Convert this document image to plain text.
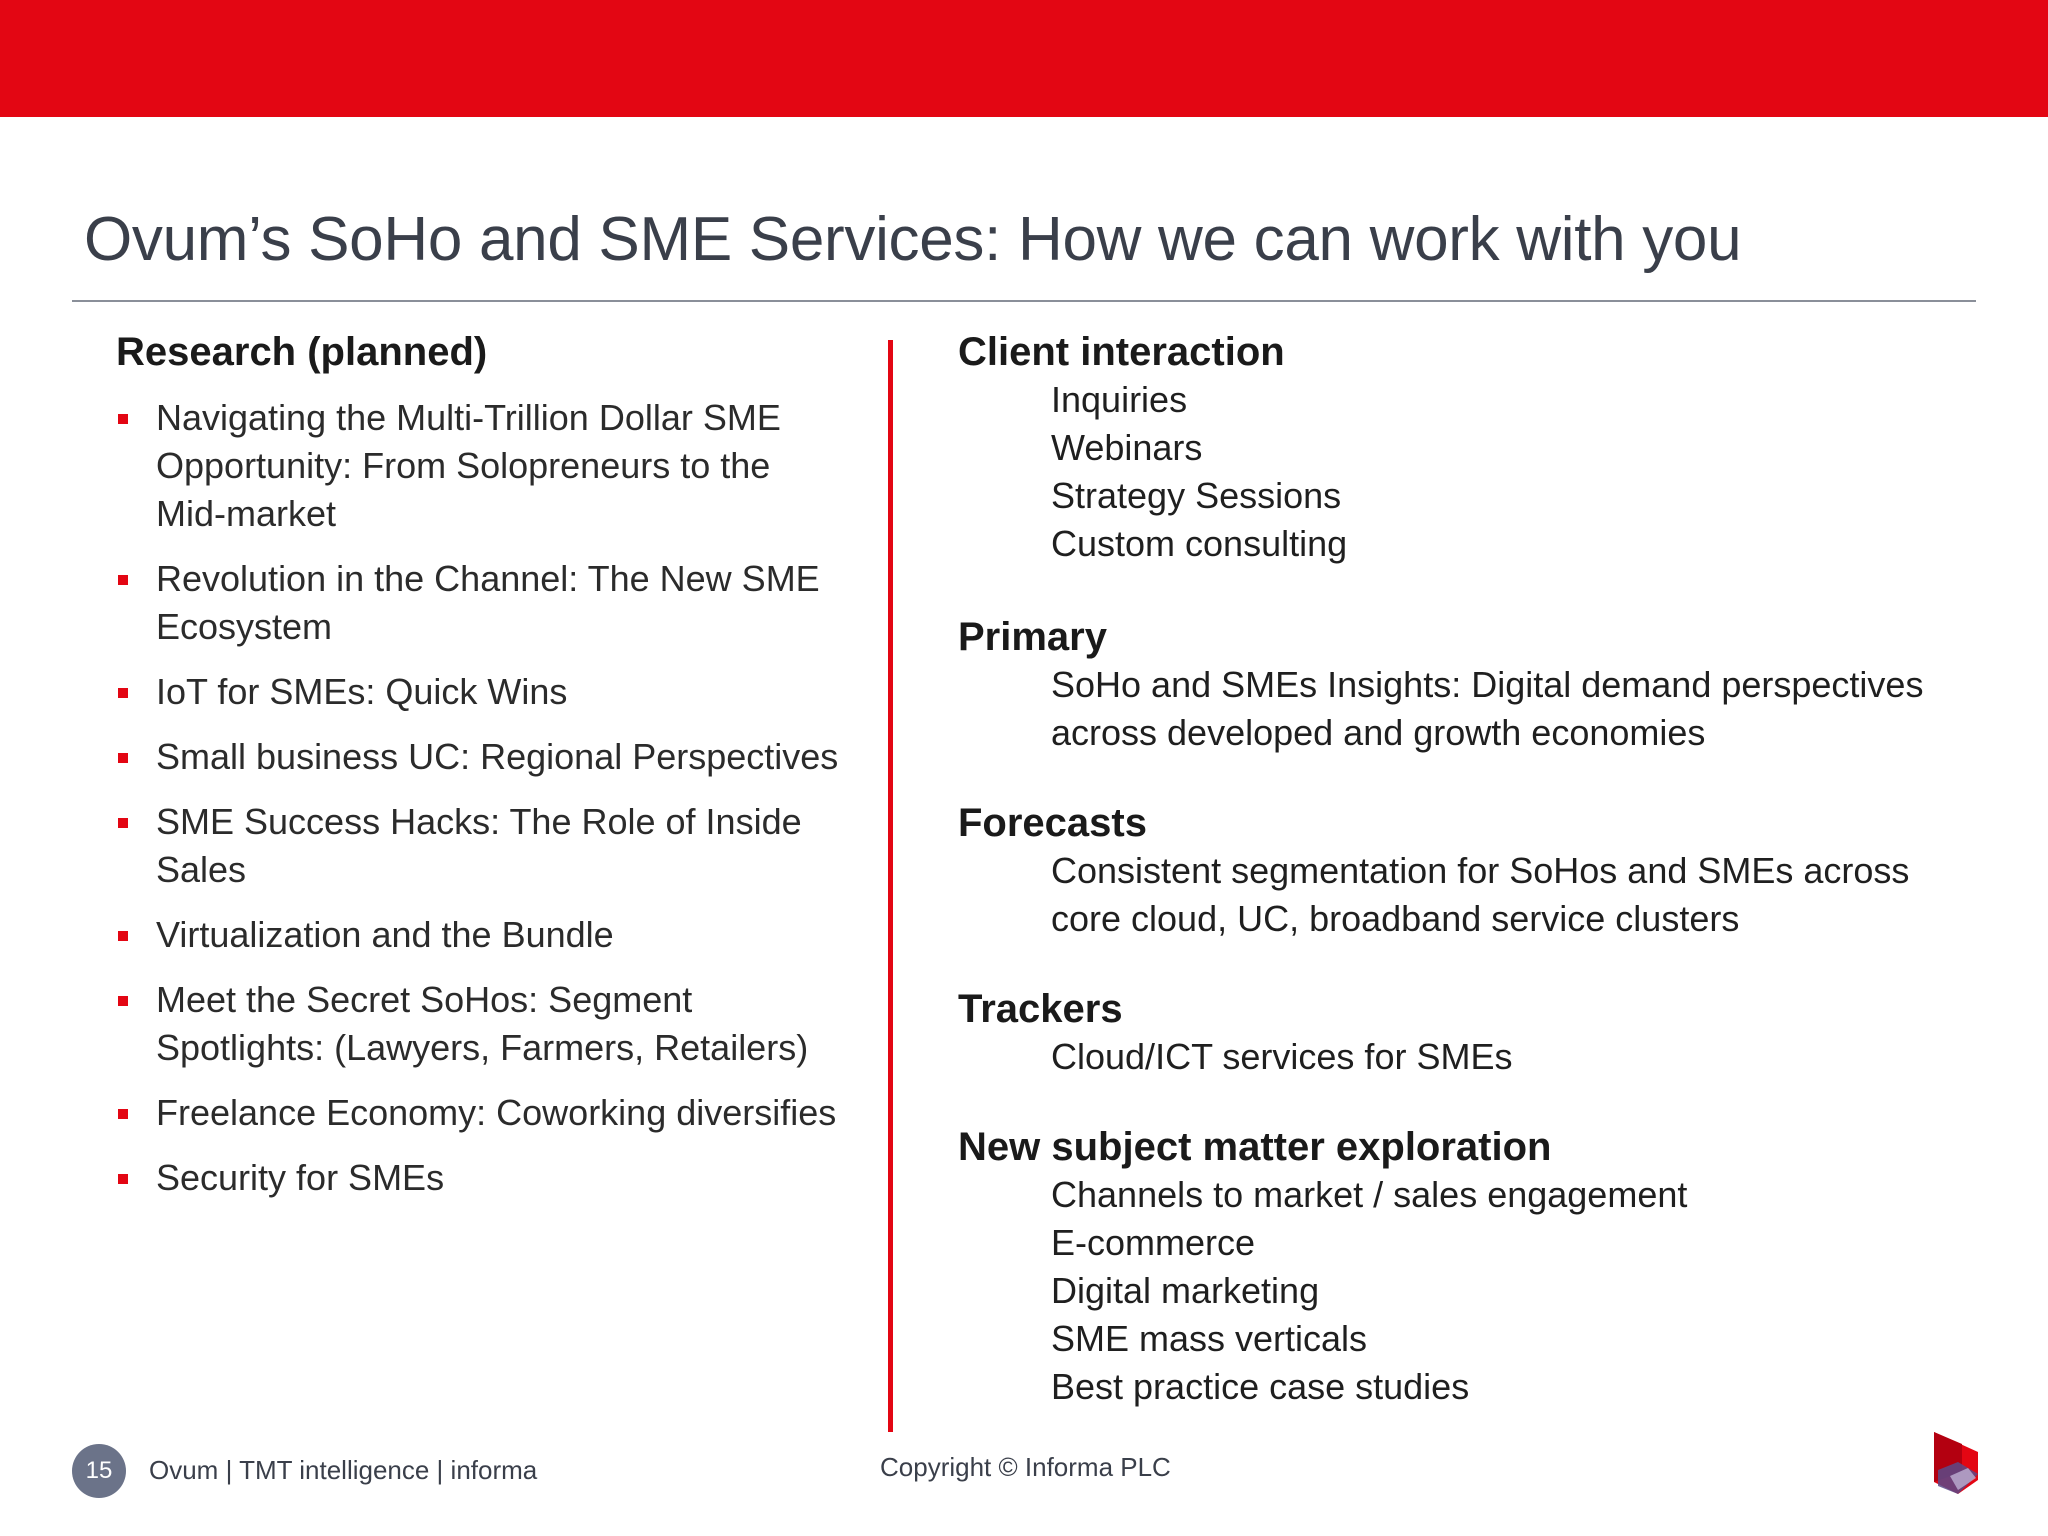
Ovum’s SoHo and SME Services: How we can work with you
Research (planned)
Navigating the Multi-Trillion Dollar SME
Opportunity: From Solopreneurs to the
Mid-market
Revolution in the Channel: The New SME
Ecosystem
IoT for SMEs: Quick Wins
Small business UC: Regional Perspectives
SME Success Hacks: The Role of Inside
Sales
Virtualization and the Bundle
Meet the Secret SoHos: Segment
Spotlights: (Lawyers, Farmers, Retailers)
Freelance Economy: Coworking diversifies
Security for SMEs
Client interaction
Inquiries
Webinars
Strategy Sessions
Custom consulting
Primary
SoHo and SMEs Insights: Digital demand perspectives
across developed and growth economies
Forecasts
Consistent segmentation for SoHos and SMEs across
core cloud, UC, broadband service clusters
Trackers
Cloud/ICT services for SMEs
New subject matter exploration
Channels to market / sales engagement
E-commerce
Digital marketing
SME mass verticals
Best practice case studies
15	Ovum | TMT intelligence | informa	Copyright © Informa PLC
